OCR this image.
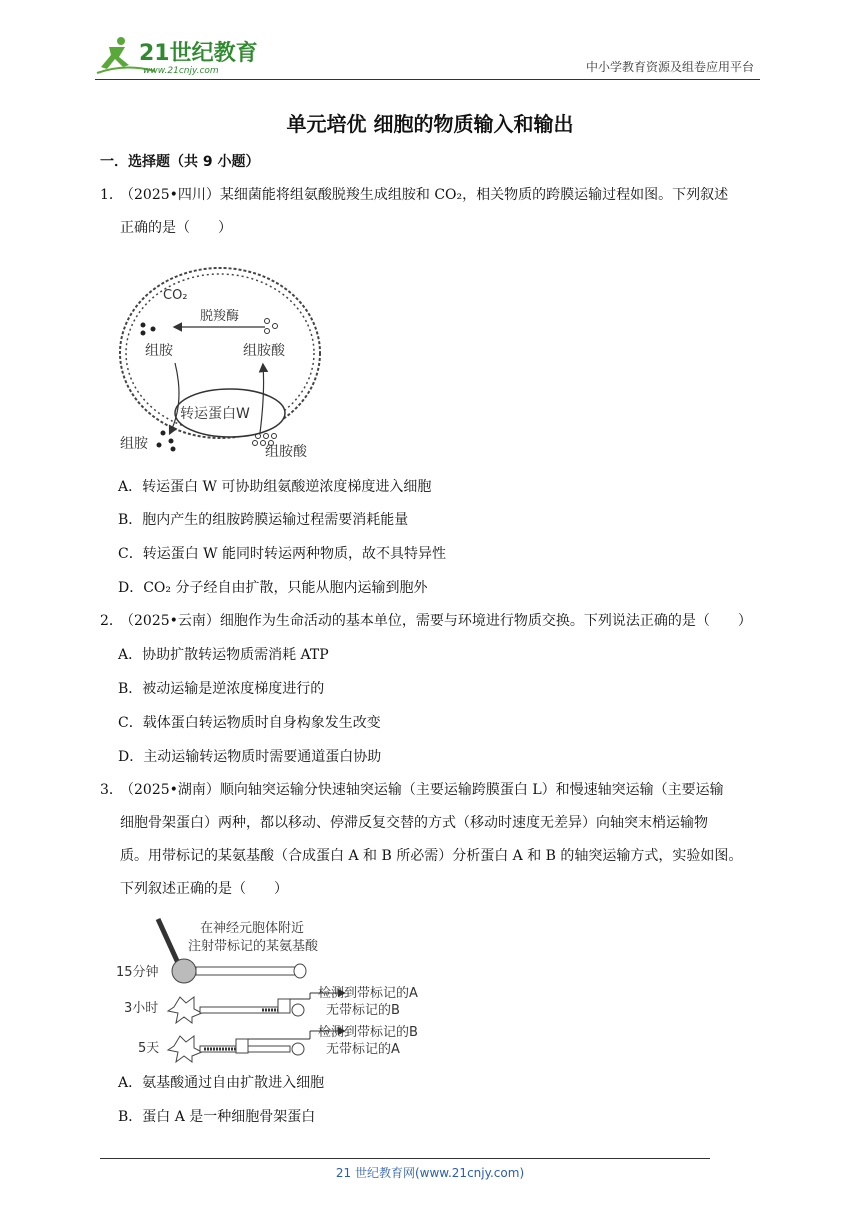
21世纪教育
www.21cnjy.com	中小学教育资源及组卷应用平台
单元培优 细胞的物质输入和输出
一．选择题（共 9 小题）
1．（2025•四川）某细菌能将组氨酸脱羧生成组胺和 CO₂，相关物质的跨膜运输过程如图。下列叙述
正确的是（　　）
CO₂
脱羧酶
组胺	组胺酸
转运蛋白W
组胺	组胺酸
A．转运蛋白 W 可协助组氨酸逆浓度梯度进入细胞
B．胞内产生的组胺跨膜运输过程需要消耗能量
C．转运蛋白 W 能同时转运两种物质，故不具特异性
D．CO₂ 分子经自由扩散，只能从胞内运输到胞外
2．（2025•云南）细胞作为生命活动的基本单位，需要与环境进行物质交换。下列说法正确的是（　　）
A．协助扩散转运物质需消耗 ATP
B．被动运输是逆浓度梯度进行的
C．载体蛋白转运物质时自身构象发生改变
D．主动运输转运物质时需要通道蛋白协助
3．（2025•湖南）顺向轴突运输分快速轴突运输（主要运输跨膜蛋白 L）和慢速轴突运输（主要运输
细胞骨架蛋白）两种，都以移动、停滞反复交替的方式（移动时速度无差异）向轴突末梢运输物
质。用带标记的某氨基酸（合成蛋白 A 和 B 所必需）分析蛋白 A 和 B 的轴突运输方式，实验如图。
下列叙述正确的是（　　）
在神经元胞体附近
注射带标记的某氨基酸
15分钟
3小时
检测到带标记的A
无带标记的B
5天
检测到带标记的B
无带标记的A
A．氨基酸通过自由扩散进入细胞
B．蛋白 A 是一种细胞骨架蛋白
21 世纪教育网(www.21cnjy.com)
